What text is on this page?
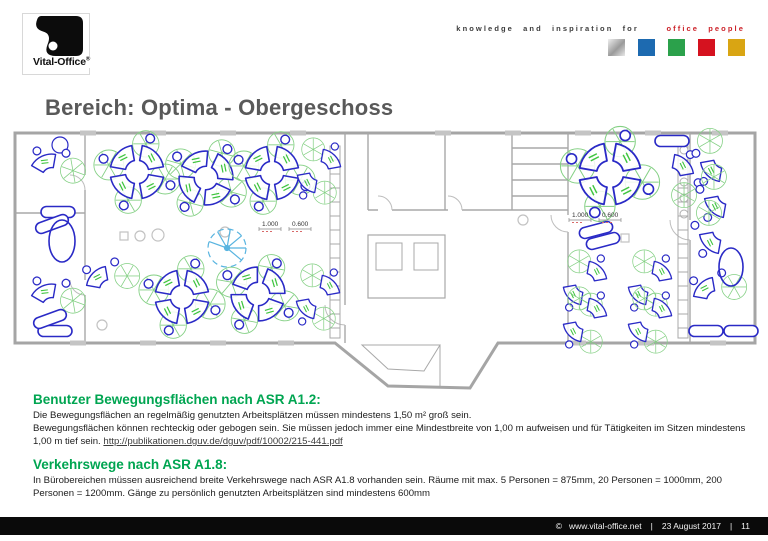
Vital-Office®
knowledge and inspiration for	office people
Bereich: Optima - Obergeschoss
1.000 0.600
1.000 0.600
Benutzer Bewegungsflächen nach ASR A1.2:

Die Bewegungsflächen an regelmäßig genutzten Arbeitsplätzen müssen mindestens 1,50 m² groß sein.

Bewegungsflächen können rechteckig oder gebogen sein. Sie müssen jedoch immer eine Mindestbreite von 1,00 m aufweisen und für Tätigkeiten im Sitzen mindestens 1,00 m tief sein. http://publikationen.dguv.de/dguv/pdf/10002/215-441.pdf

Verkehrswege nach ASR A1.8:

In Bürobereichen müssen ausreichend breite Verkehrswege nach ASR A1.8 vorhanden sein. Räume mit max. 5 Personen = 875mm, 20 Personen = 1000mm, 200 Personen = 1200mm. Gänge zu persönlich genutzten Arbeitsplätzen sind mindestens 600mm

© www.vital-office.net | 23 August 2017 | 11
